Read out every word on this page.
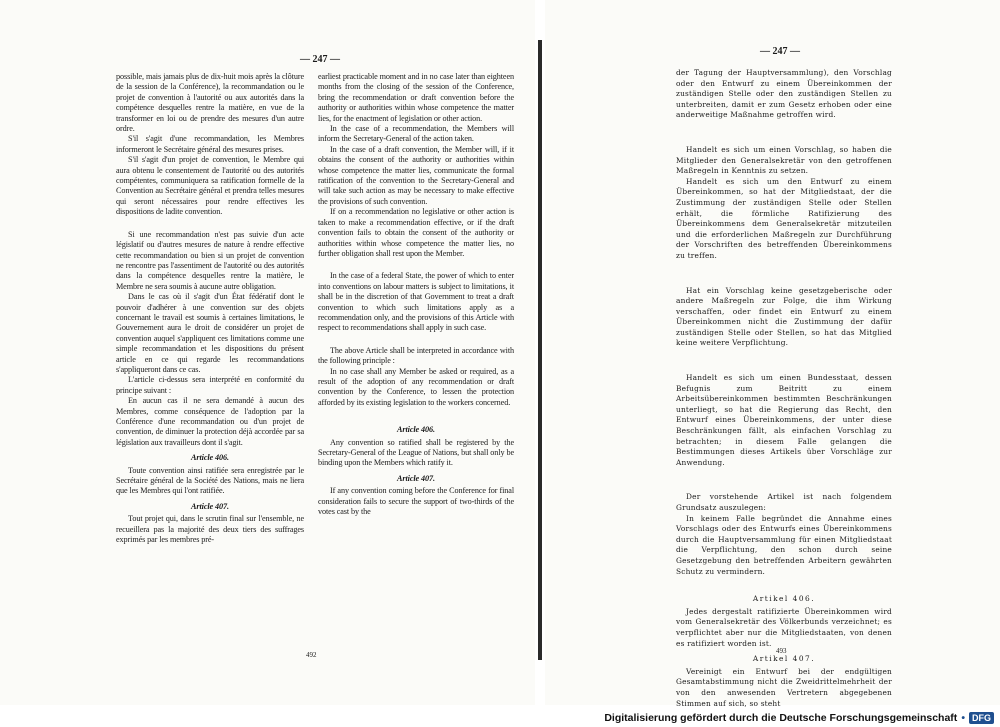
— 247 —
— 247 —

possible, mais jamais plus de dix-huit mois après la clôture de la session de la Conférence), la recommandation ou le projet de convention à l'autorité ou aux autorités dans la compétence desquelles rentre la matière, en vue de la transformer en loi ou de prendre des mesures d'un autre ordre.

S'il s'agit d'une recommandation, les Membres informeront le Secrétaire général des mesures prises.

S'il s'agit d'un projet de convention, le Membre qui aura obtenu le consentement de l'autorité ou des autorités compétentes, communiquera sa ratification formelle de la Convention au Secrétaire général et prendra telles mesures qui seront nécessaires pour rendre effectives les dispositions de ladite convention.

Si une recommandation n'est pas suivie d'un acte législatif ou d'autres mesures de nature à rendre effective cette recommandation ou bien si un projet de convention ne rencontre pas l'assentiment de l'autorité ou des autorités dans la compétence desquelles rentre la matière, le Membre ne sera soumis à aucune autre obligation.

Dans le cas où il s'agit d'un État fédératif dont le pouvoir d'adhérer à une convention sur des objets concernant le travail est soumis à certaines limitations, le Gouvernement aura le droit de considérer un projet de convention auquel s'appliquent ces limitations comme une simple recommandation et les dispositions du présent article en ce qui regarde les recommandations s'appliqueront dans ce cas.

L'article ci-dessus sera interprété en conformité du principe suivant :

En aucun cas il ne sera demandé à aucun des Membres, comme conséquence de l'adoption par la Conférence d'une recommandation ou d'un projet de convention, de diminuer la protection déjà accordée par sa législation aux travailleurs dont il s'agit.

Article 406.

Toute convention ainsi ratifiée sera enregistrée par le Secrétaire général de la Société des Nations, mais ne liera que les Membres qui l'ont ratifiée.

Article 407.

Tout projet qui, dans le scrutin final sur l'ensemble, ne recueillera pas la majorité des deux tiers des suffrages exprimés par les membres pré-

earliest practicable moment and in no case later than eighteen months from the closing of the session of the Conference, bring the recommendation or draft convention before the authority or authorities within whose competence the matter lies, for the enactment of legislation or other action.

In the case of a recommendation, the Members will inform the Secretary-General of the action taken.

In the case of a draft convention, the Member will, if it obtains the consent of the authority or authorities within whose competence the matter lies, communicate the formal ratification of the convention to the Secretary-General and will take such action as may be necessary to make effective the provisions of such convention.

If on a recommendation no legislative or other action is taken to make a recommendation effective, or if the draft convention fails to obtain the consent of the authority or authorities within whose competence the matter lies, no further obligation shall rest upon the Member.

In the case of a federal State, the power of which to enter into conventions on labour matters is subject to limitations, it shall be in the discretion of that Government to treat a draft convention to which such limitations apply as a recommendation only, and the provisions of this Article with respect to recommendations shall apply in such case.

The above Article shall be interpreted in accordance with the following principle :

In no case shall any Member be asked or required, as a result of the adoption of any recommendation or draft convention by the Conference, to lessen the protection afforded by its existing legislation to the workers concerned.

Article 406.

Any convention so ratified shall be registered by the Secretary-General of the League of Nations, but shall only be binding upon the Members which ratify it.

Article 407.

If any convention coming before the Conference for final consideration fails to secure the support of two-thirds of the votes cast by the

der Tagung der Hauptversammlung), den Vorschlag oder den Entwurf zu einem Übereinkommen der zuständigen Stelle oder den zuständigen Stellen zu unterbreiten, damit er zum Gesetz erhoben oder eine anderweitige Maßnahme getroffen wird.

Handelt es sich um einen Vorschlag, so haben die Mitglieder den Generalsekretär von den getroffenen Maßregeln in Kenntnis zu setzen.

Handelt es sich um den Entwurf zu einem Übereinkommen, so hat der Mitgliedstaat, der die Zustimmung der zuständigen Stelle oder Stellen erhält, die förmliche Ratifizierung des Übereinkommens dem Generalsekretär mitzuteilen und die erforderlichen Maßregeln zur Durchführung der Vorschriften des betreffenden Übereinkommens zu treffen.

Hat ein Vorschlag keine gesetzgeberische oder andere Maßregeln zur Folge, die ihm Wirkung verschaffen, oder findet ein Entwurf zu einem Übereinkommen nicht die Zustimmung der dafür zuständigen Stelle oder Stellen, so hat das Mitglied keine weitere Verpflichtung.

Handelt es sich um einen Bundesstaat, dessen Befugnis zum Beitritt zu einem Arbeitsübereinkommen bestimmten Beschränkungen unterliegt, so hat die Regierung das Recht, den Entwurf eines Übereinkommens, der unter diese Beschränkungen fällt, als einfachen Vorschlag zu betrachten; in diesem Falle gelangen die Bestimmungen dieses Artikels über Vorschläge zur Anwendung.

Der vorstehende Artikel ist nach folgendem Grundsatz auszulegen:

In keinem Falle begründet die Annahme eines Vorschlags oder des Entwurfs eines Übereinkommens durch die Hauptversammlung für einen Mitgliedstaat die Verpflichtung, den schon durch seine Gesetzgebung den betreffenden Arbeitern gewährten Schutz zu vermindern.

Artikel 406.

Jedes dergestalt ratifizierte Übereinkommen wird vom Generalsekretär des Völkerbunds verzeichnet; es verpflichtet aber nur die Mitgliedstaaten, von denen es ratifiziert worden ist.

Artikel 407.

Vereinigt ein Entwurf bei der endgültigen Gesamtabstimmung nicht die Zweidrittelmehrheit der von den anwesenden Vertretern abgegebenen Stimmen auf sich, so steht

492	493
Digitalisierung gefördert durch die Deutsche Forschungsgemeinschaft • DFG
